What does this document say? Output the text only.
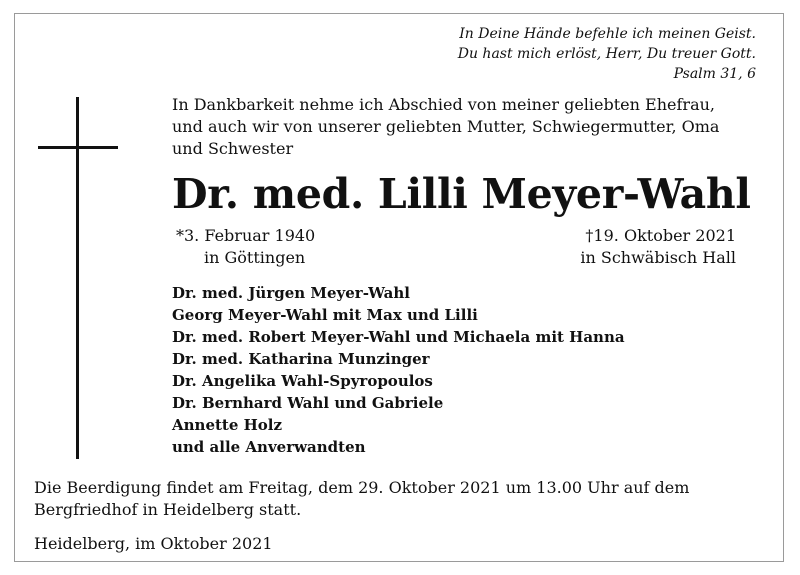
In Deine Hände befehle ich meinen Geist.
Du hast mich erlöst, Herr, Du treuer Gott.
Psalm 31, 6
In Dankbarkeit nehme ich Abschied von meiner geliebten Ehefrau,
und auch wir von unserer geliebten Mutter, Schwiegermutter, Oma
und Schwester
Dr. med. Lilli Meyer-Wahl
*3. Februar 1940
in Göttingen
†19. Oktober 2021
in Schwäbisch Hall
Dr. med. Jürgen Meyer-Wahl
Georg Meyer-Wahl mit Max und Lilli
Dr. med. Robert Meyer-Wahl und Michaela mit Hanna
Dr. med. Katharina Munzinger
Dr. Angelika Wahl-Spyropoulos
Dr. Bernhard Wahl und Gabriele
Annette Holz
und alle Anverwandten
Die Beerdigung findet am Freitag, dem 29. Oktober 2021 um 13.00 Uhr auf dem
Bergfriedhof in Heidelberg statt.
Heidelberg, im Oktober 2021
